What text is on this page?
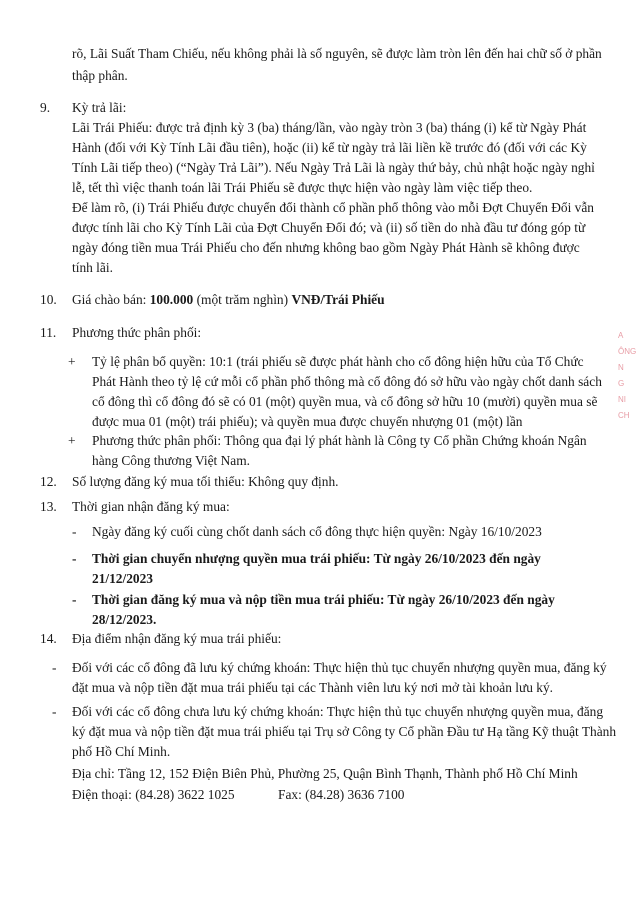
rõ, Lãi Suất Tham Chiếu, nếu không phải là số nguyên, sẽ được làm tròn lên đến hai chữ số ở phần
thập phân.
9. Kỳ trả lãi:
Lãi Trái Phiếu: được trả định kỳ 3 (ba) tháng/lần, vào ngày tròn 3 (ba) tháng (i) kể từ Ngày Phát
Hành (đối với Kỳ Tính Lãi đầu tiên), hoặc (ii) kể từ ngày trả lãi liền kề trước đó (đối với các Kỳ
Tính Lãi tiếp theo) (“Ngày Trả Lãi”). Nếu Ngày Trả Lãi là ngày thứ bảy, chủ nhật hoặc ngày nghỉ
lễ, tết thì việc thanh toán lãi Trái Phiếu sẽ được thực hiện vào ngày làm việc tiếp theo.
Để làm rõ, (i) Trái Phiếu được chuyển đổi thành cổ phần phổ thông vào mỗi Đợt Chuyển Đổi vẫn
được tính lãi cho Kỳ Tính Lãi của Đợt Chuyển Đổi đó; và (ii) số tiền do nhà đầu tư đóng góp từ
ngày đóng tiền mua Trái Phiếu cho đến nhưng không bao gồm Ngày Phát Hành sẽ không được
tính lãi.
10. Giá chào bán: 100.000 (một trăm nghìn) VNĐ/Trái Phiếu
11. Phương thức phân phối:
+ Tỷ lệ phân bổ quyền: 10:1 (trái phiếu sẽ được phát hành cho cổ đông hiện hữu của Tổ Chức
Phát Hành theo tỷ lệ cứ mỗi cổ phần phổ thông mà cổ đông đó sở hữu vào ngày chốt danh sách
cổ đông thì cổ đông đó sẽ có 01 (một) quyền mua, và cổ đông sở hữu 10 (mười) quyền mua sẽ
được mua 01 (một) trái phiếu); và quyền mua được chuyển nhượng 01 (một) lần
+ Phương thức phân phối: Thông qua đại lý phát hành là Công ty Cổ phần Chứng khoán Ngân
hàng Công thương Việt Nam.
12. Số lượng đăng ký mua tối thiểu: Không quy định.
13. Thời gian nhận đăng ký mua:
- Ngày đăng ký cuối cùng chốt danh sách cổ đông thực hiện quyền: Ngày 16/10/2023
- Thời gian chuyển nhượng quyền mua trái phiếu: Từ ngày 26/10/2023 đến ngày
21/12/2023
- Thời gian đăng ký mua và nộp tiền mua trái phiếu: Từ ngày 26/10/2023 đến ngày
28/12/2023.
14. Địa điểm nhận đăng ký mua trái phiếu:
- Đối với các cổ đông đã lưu ký chứng khoán: Thực hiện thủ tục chuyển nhượng quyền mua, đăng ký
đặt mua và nộp tiền đặt mua trái phiếu tại các Thành viên lưu ký nơi mở tài khoản lưu ký.
- Đối với các cổ đông chưa lưu ký chứng khoán: Thực hiện thủ tục chuyển nhượng quyền mua, đăng
ký đặt mua và nộp tiền đặt mua trái phiếu tại Trụ sở Công ty Cổ phần Đầu tư Hạ tầng Kỹ thuật Thành
phố Hồ Chí Minh.
Địa chỉ: Tầng 12, 152 Điện Biên Phủ, Phường 25, Quận Bình Thạnh, Thành phố Hồ Chí Minh
Điện thoại: (84.28) 3622 1025	Fax: (84.28) 3636 7100
A
ÔNG
N
G
NI
CH
